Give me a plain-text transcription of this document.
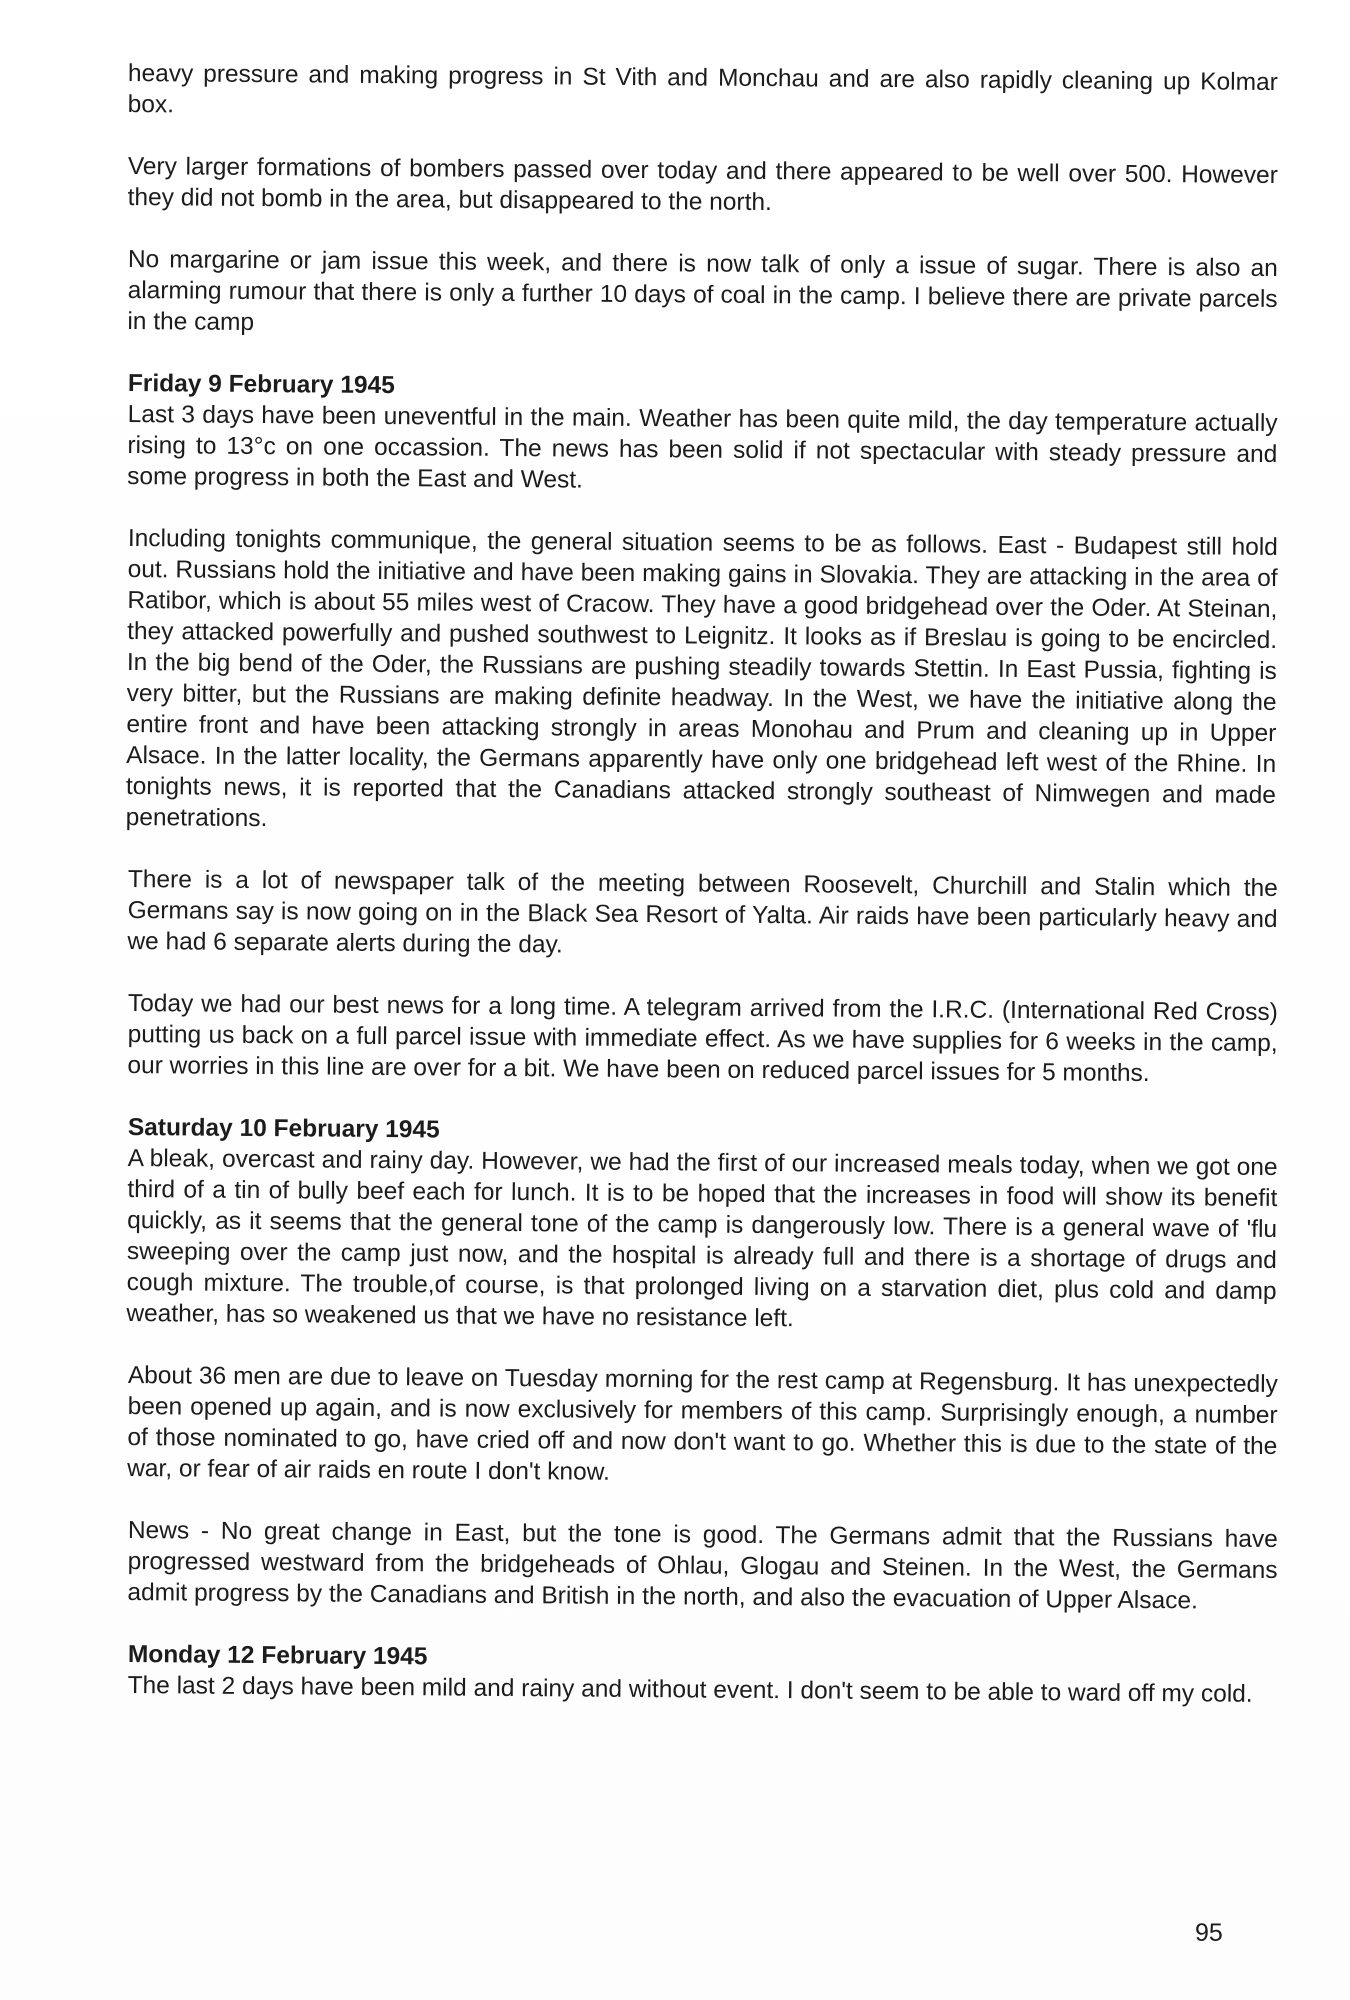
heavy pressure and making progress in St Vith and Monchau and are also rapidly cleaning up Kolmar box.

Very larger formations of bombers passed over today and there appeared to be well over 500. However they did not bomb in the area, but disappeared to the north.

No margarine or jam issue this week, and there is now talk of only a issue of sugar. There is also an alarming rumour that there is only a further 10 days of coal in the camp. I believe there are private parcels in the camp

Friday 9 February 1945

Last 3 days have been uneventful in the main. Weather has been quite mild, the day temperature actually rising to 13°c on one occassion. The news has been solid if not spectacular with steady pressure and some progress in both the East and West.

Including tonights communique, the general situation seems to be as follows. East - Budapest still hold out. Russians hold the initiative and have been making gains in Slovakia. They are attacking in the area of Ratibor, which is about 55 miles west of Cracow. They have a good bridgehead over the Oder. At Steinan, they attacked powerfully and pushed southwest to Leignitz. It looks as if Breslau is going to be encircled. In the big bend of the Oder, the Russians are pushing steadily towards Stettin. In East Pussia, fighting is very bitter, but the Russians are making definite headway. In the West, we have the initiative along the entire front and have been attacking strongly in areas Monohau and Prum and cleaning up in Upper Alsace. In the latter locality, the Germans apparently have only one bridgehead left west of the Rhine. In tonights news, it is reported that the Canadians attacked strongly southeast of Nimwegen and made penetrations.

There is a lot of newspaper talk of the meeting between Roosevelt, Churchill and Stalin which the Germans say is now going on in the Black Sea Resort of Yalta. Air raids have been particularly heavy and we had 6 separate alerts during the day.

Today we had our best news for a long time. A telegram arrived from the I.R.C. (International Red Cross) putting us back on a full parcel issue with immediate effect. As we have supplies for 6 weeks in the camp, our worries in this line are over for a bit. We have been on reduced parcel issues for 5 months.

Saturday 10 February 1945

A bleak, overcast and rainy day. However, we had the first of our increased meals today, when we got one third of a tin of bully beef each for lunch. It is to be hoped that the increases in food will show its benefit quickly, as it seems that the general tone of the camp is dangerously low. There is a general wave of 'flu sweeping over the camp just now, and the hospital is already full and there is a shortage of drugs and cough mixture. The trouble,of course, is that prolonged living on a starvation diet, plus cold and damp weather, has so weakened us that we have no resistance left.

About 36 men are due to leave on Tuesday morning for the rest camp at Regensburg. It has unexpectedly been opened up again, and is now exclusively for members of this camp. Surprisingly enough, a number of those nominated to go, have cried off and now don't want to go. Whether this is due to the state of the war, or fear of air raids en route I don't know.

News - No great change in East, but the tone is good. The Germans admit that the Russians have progressed westward from the bridgeheads of Ohlau, Glogau and Steinen. In the West, the Germans admit progress by the Canadians and British in the north, and also the evacuation of Upper Alsace.

Monday 12 February 1945

The last 2 days have been mild and rainy and without event. I don't seem to be able to ward off my cold.

95
